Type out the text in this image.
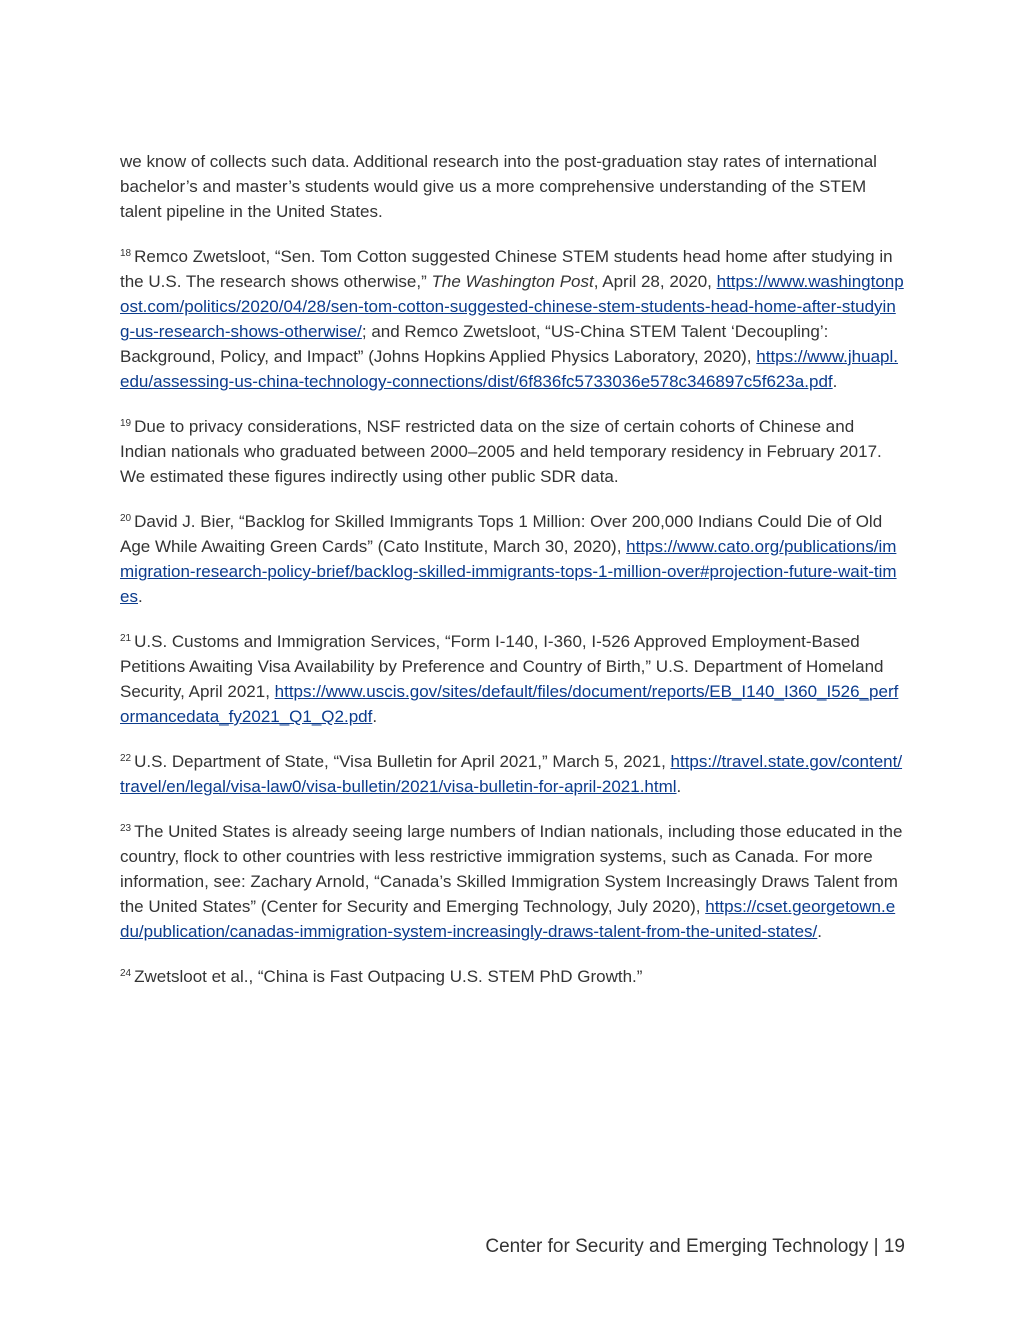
we know of collects such data. Additional research into the post-graduation stay rates of international bachelor’s and master’s students would give us a more comprehensive understanding of the STEM talent pipeline in the United States.

$^{18}$ Remco Zwetsloot, “Sen. Tom Cotton suggested Chinese STEM students head home after studying in the U.S. The research shows otherwise,” The Washington Post, April 28, 2020, https://www.washingtonpost.com/politics/2020/04/28/sen-tom-cotton-suggested-chinese-stem-students-head-home-after-studying-us-research-shows-otherwise/; and Remco Zwetsloot, “US-China STEM Talent ‘Decoupling’: Background, Policy, and Impact” (Johns Hopkins Applied Physics Laboratory, 2020), https://www.jhuapl.edu/assessing-us-china-technology-connections/dist/6f836fc5733036e578c346897c5f623a.pdf.

$^{19}$ Due to privacy considerations, NSF restricted data on the size of certain cohorts of Chinese and Indian nationals who graduated between 2000–2005 and held temporary residency in February 2017. We estimated these figures indirectly using other public SDR data.

$^{20}$ David J. Bier, “Backlog for Skilled Immigrants Tops 1 Million: Over 200,000 Indians Could Die of Old Age While Awaiting Green Cards” (Cato Institute, March 30, 2020), https://www.cato.org/publications/immigration-research-policy-brief/backlog-skilled-immigrants-tops-1-million-over#projection-future-wait-times.

$^{21}$ U.S. Customs and Immigration Services, “Form I-140, I-360, I-526 Approved Employment-Based Petitions Awaiting Visa Availability by Preference and Country of Birth,” U.S. Department of Homeland Security, April 2021, https://www.uscis.gov/sites/default/files/document/reports/EB_I140_I360_I526_performancedata_fy2021_Q1_Q2.pdf.

$^{22}$ U.S. Department of State, “Visa Bulletin for April 2021,” March 5, 2021, https://travel.state.gov/content/travel/en/legal/visa-law0/visa-bulletin/2021/visa-bulletin-for-april-2021.html.

$^{23}$ The United States is already seeing large numbers of Indian nationals, including those educated in the country, flock to other countries with less restrictive immigration systems, such as Canada. For more information, see: Zachary Arnold, “Canada’s Skilled Immigration System Increasingly Draws Talent from the United States” (Center for Security and Emerging Technology, July 2020), https://cset.georgetown.edu/publication/canadas-immigration-system-increasingly-draws-talent-from-the-united-states/.

$^{24}$ Zwetsloot et al., “China is Fast Outpacing U.S. STEM PhD Growth.”

Center for Security and Emerging Technology | 19
